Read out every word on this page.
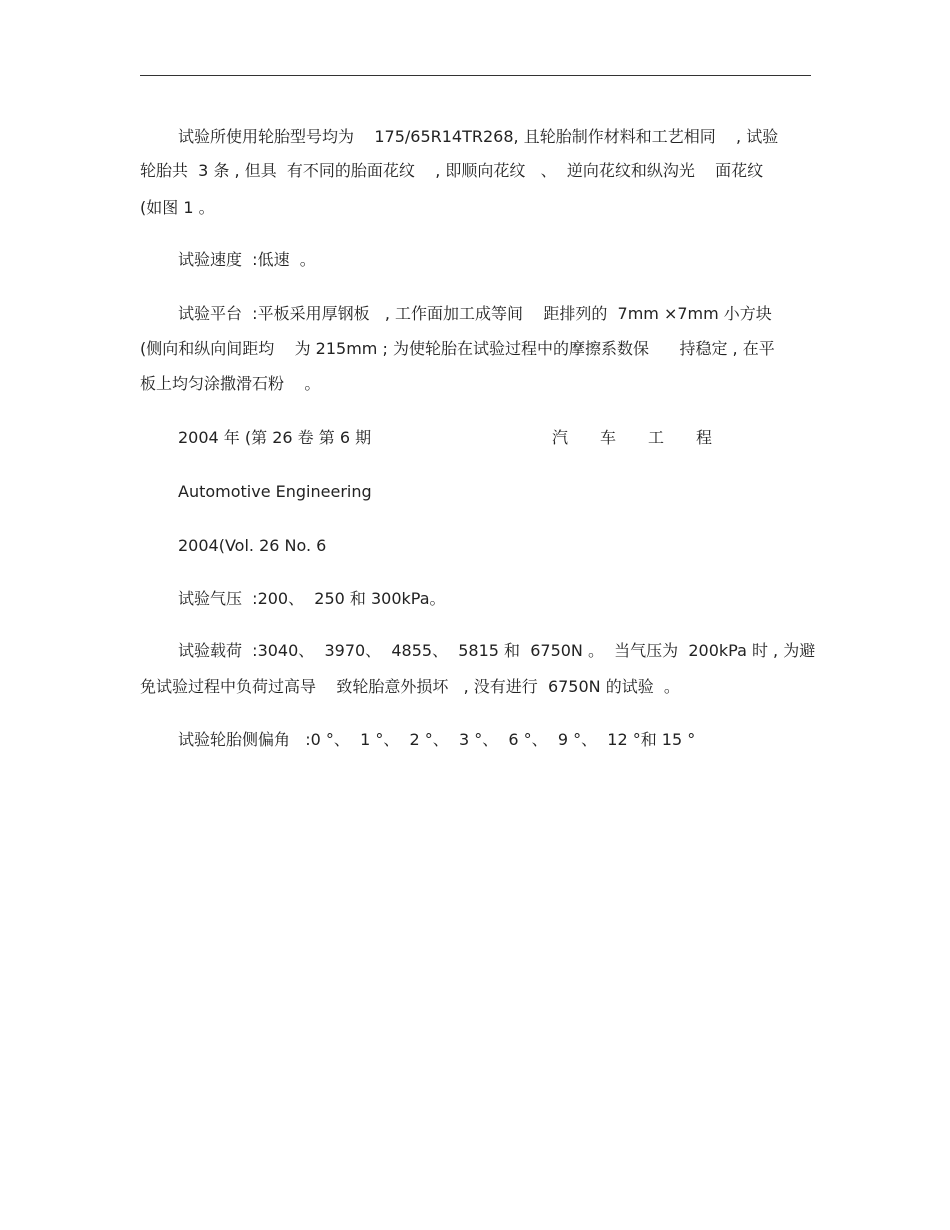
试验所使用轮胎型号均为    175/65R14TR268, 且轮胎制作材料和工艺相同    , 试验
轮胎共  3 条 , 但具  有不同的胎面花纹    , 即顺向花纹   、  逆向花纹和纵沟光    面花纹
(如图 1 。
试验速度  :低速  。
试验平台  :平板采用厚钢板   , 工作面加工成等间    距排列的  7mm ×7mm 小方块
(侧向和纵向间距均    为 215mm ; 为使轮胎在试验过程中的摩擦系数保      持稳定 , 在平
板上均匀涂撒滑石粉    。
2004 年 (第 26 卷 第 6 期	汽 车 工 程
Automotive Engineering
2004(Vol. 26 No. 6
试验气压  :200、  250 和 300kPa。
试验载荷  :3040、  3970、  4855、  5815 和  6750N 。  当气压为  200kPa 时 , 为避
免试验过程中负荷过高导    致轮胎意外损坏   , 没有进行  6750N 的试验  。
试验轮胎侧偏角   :0 °、  1 °、  2 °、  3 °、  6 °、  9 °、  12 °和 15 °
